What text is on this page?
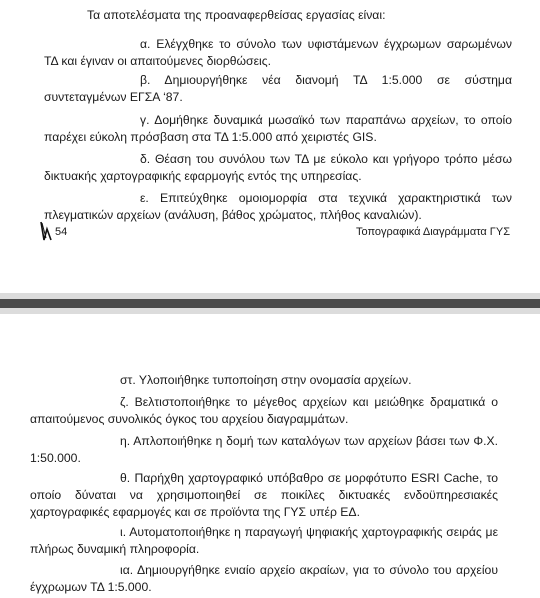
Τα αποτελέσματα της προαναφερθείσας εργασίας είναι:
α. Ελέγχθηκε το σύνολο των υφιστάμενων έγχρωμων σαρωμένων ΤΔ και έγιναν οι απαιτούμενες διορθώσεις.
β. Δημιουργήθηκε νέα διανομή ΤΔ 1:5.000 σε σύστημα συντεταγμένων ΕΓΣΑ ‘87.
γ. Δομήθηκε δυναμικά μωσαϊκό των παραπάνω αρχείων, το οποίο παρέχει εύκολη πρόσβαση στα ΤΔ 1:5.000 από χειριστές GIS.
δ. Θέαση του συνόλου των ΤΔ με εύκολο και γρήγορο τρόπο μέσω δικτυακής χαρτογραφικής εφαρμογής εντός της υπηρεσίας.
ε. Επιτεύχθηκε ομοιομορφία στα τεχνικά χαρακτηριστικά των πλεγματικών αρχείων (ανάλυση, βάθος χρώματος, πλήθος καναλιών).
54	Τοπογραφικά Διαγράμματα ΓΥΣ
στ. Υλοποιήθηκε τυποποίηση στην ονομασία αρχείων.
ζ. Βελτιστοποιήθηκε το μέγεθος αρχείων και μειώθηκε δραματικά ο απαιτούμενος συνολικός όγκος του αρχείου διαγραμμάτων.
η. Απλοποιήθηκε η δομή των καταλόγων των αρχείων βάσει των Φ.Χ. 1:50.000.
θ. Παρήχθη χαρτογραφικό υπόβαθρο σε μορφότυπο ESRI Cache, το οποίο δύναται να χρησιμοποιηθεί σε ποικίλες δικτυακές ενδοϋπηρεσιακές χαρτογραφικές εφαρμογές και σε προϊόντα της ΓΥΣ υπέρ ΕΔ.
ι. Αυτοματοποιήθηκε η παραγωγή ψηφιακής χαρτογραφικής σειράς με πλήρως δυναμική πληροφορία.
ια. Δημιουργήθηκε ενιαίο αρχείο ακραίων, για το σύνολο του αρχείου έγχρωμων ΤΔ 1:5.000.
